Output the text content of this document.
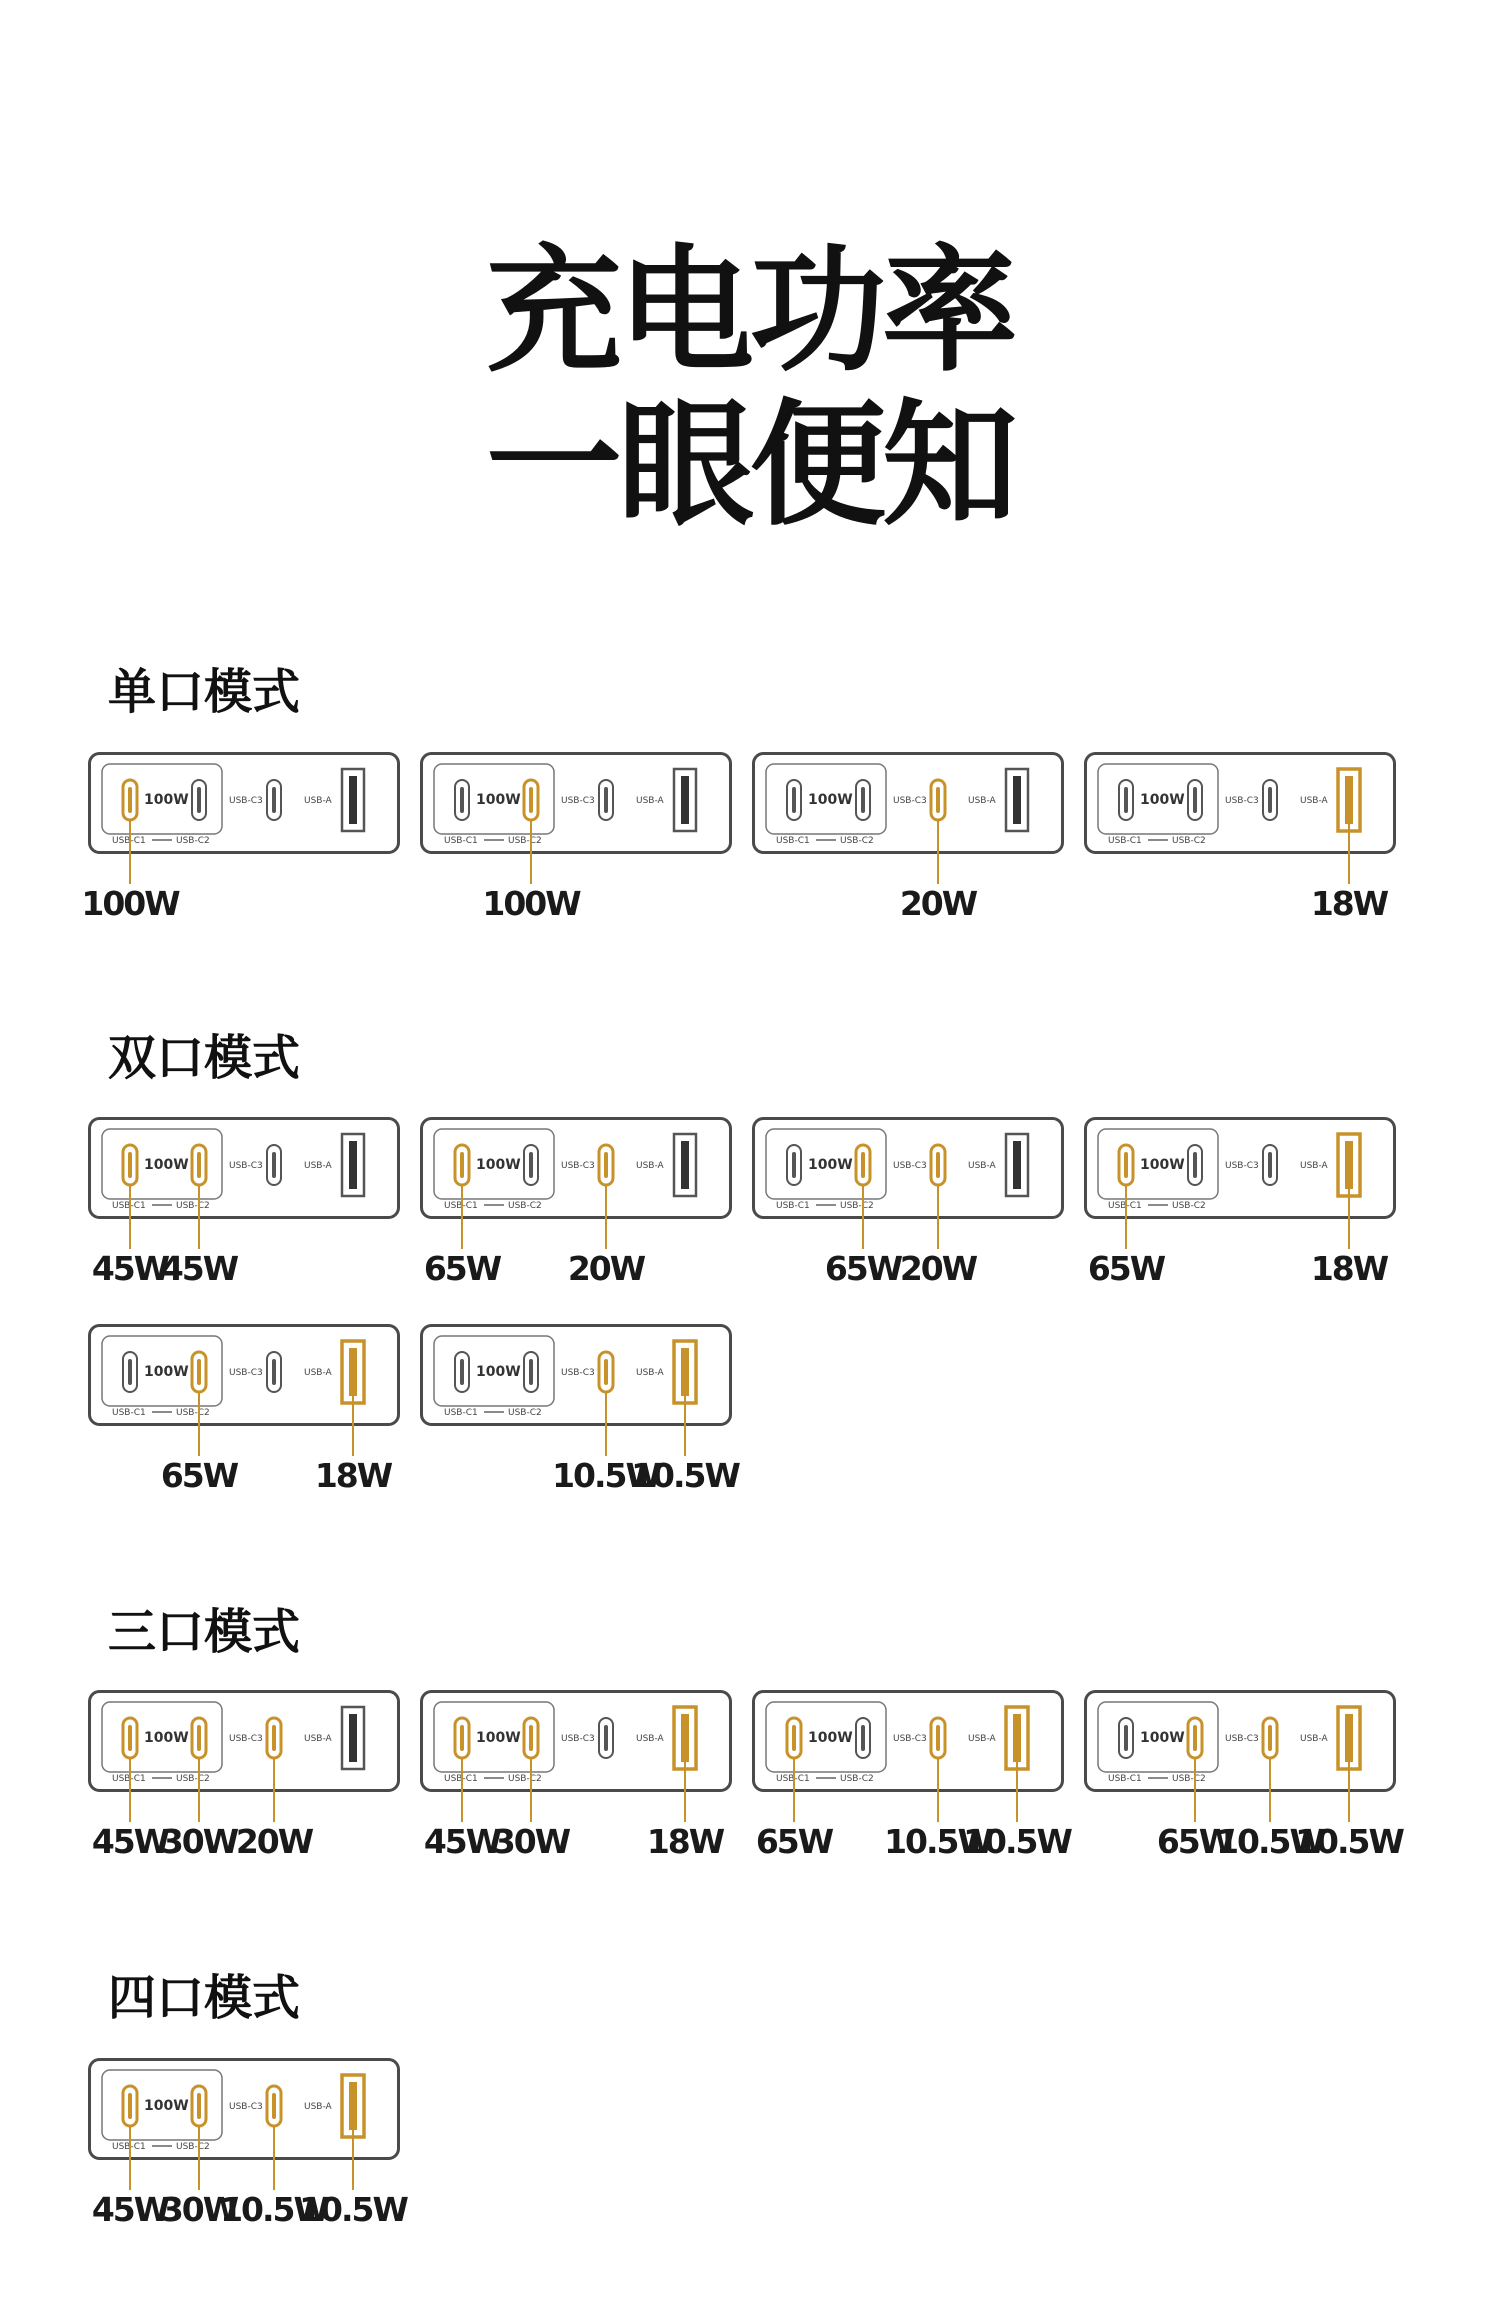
充电功率
一眼便知
单口模式
100W	USB-C3	USB-A
USB-C1	USB-C2
100W
100W	USB-C3	USB-A
USB-C1	USB-C2
100W
100W	USB-C3	USB-A
USB-C1	USB-C2
20W
100W	USB-C3	USB-A
USB-C1	USB-C2
18W
双口模式
100W	USB-C3	USB-A
USB-C1	USB-C2
45W
45W
100W	USB-C3	USB-A
USB-C1	USB-C2
65W 20W
100W	USB-C3	USB-A
USB-C1	USB-C2
65W
20W
100W	USB-C3	USB-A
USB-C1	USB-C2
65W	18W
100W	USB-C3	USB-A
USB-C1	USB-C2
65W 18W
100W	USB-C3	USB-A
USB-C1	USB-C2
10.5W
10.5W
三口模式
100W	USB-C3	USB-A
USB-C1	USB-C2
45W
30W
20W
100W	USB-C3	USB-A
USB-C1	USB-C2
45W
30W 18W
100W	USB-C3	USB-A
USB-C1	USB-C2
65W 10.5W
10.5W
100W	USB-C3	USB-A
USB-C1	USB-C2
65W
10.5W
10.5W
四口模式
100W	USB-C3	USB-A
USB-C1	USB-C2
45W
30W
10.5W
10.5W
